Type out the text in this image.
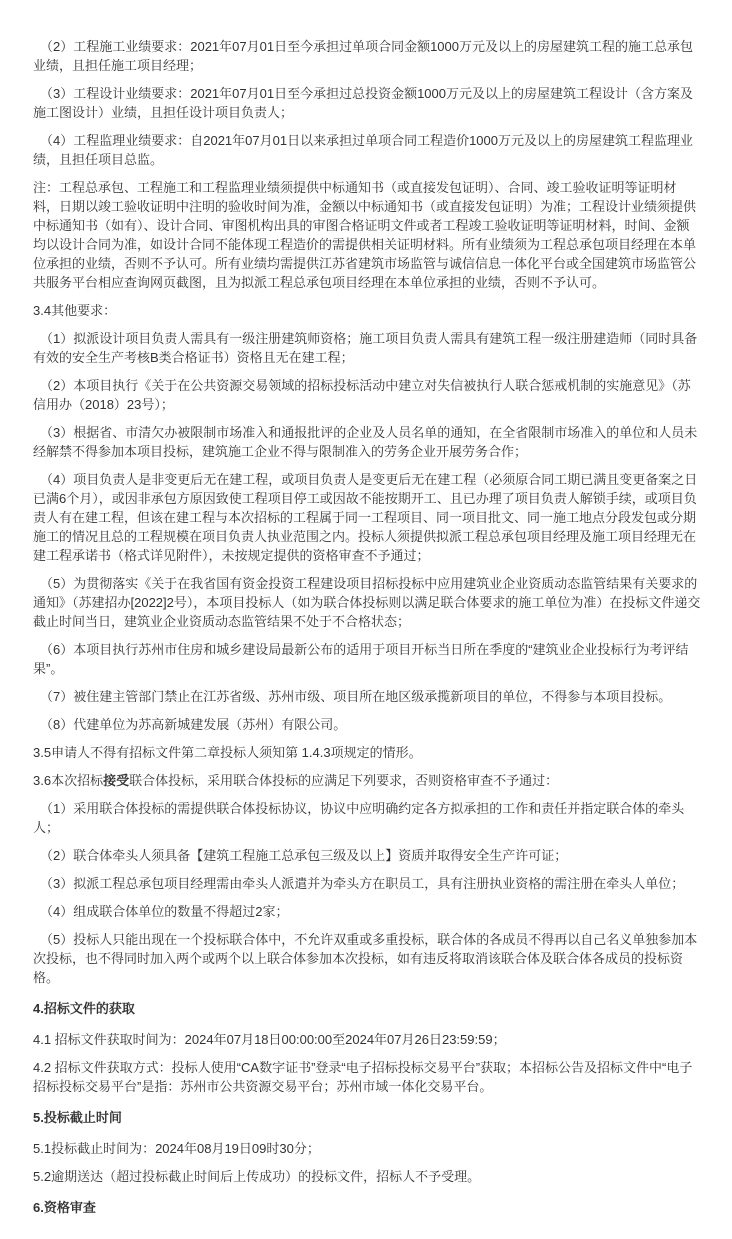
（2）工程施工业绩要求：2021年07月01日至今承担过单项合同金额1000万元及以上的房屋建筑工程的施工总承包业绩，且担任施工项目经理；

（3）工程设计业绩要求：2021年07月01日至今承担过总投资金额1000万元及以上的房屋建筑工程设计（含方案及施工图设计）业绩，且担任设计项目负责人；

（4）工程监理业绩要求：自2021年07月01日以来承担过单项合同工程造价1000万元及以上的房屋建筑工程监理业绩，且担任项目总监。

注：工程总承包、工程施工和工程监理业绩须提供中标通知书（或直接发包证明）、合同、竣工验收证明等证明材料，日期以竣工验收证明中注明的验收时间为准，金额以中标通知书（或直接发包证明）为准；工程设计业绩须提供中标通知书（如有）、设计合同、审图机构出具的审图合格证明文件或者工程竣工验收证明等证明材料，时间、金额均以设计合同为准，如设计合同不能体现工程造价的需提供相关证明材料。所有业绩须为工程总承包项目经理在本单位承担的业绩，否则不予认可。所有业绩均需提供江苏省建筑市场监管与诚信信息一体化平台或全国建筑市场监管公共服务平台相应查询网页截图，且为拟派工程总承包项目经理在本单位承担的业绩，否则不予认可。

3.4其他要求：

（1）拟派设计项目负责人需具有一级注册建筑师资格；施工项目负责人需具有建筑工程一级注册建造师（同时具备有效的安全生产考核B类合格证书）资格且无在建工程；

（2）本项目执行《关于在公共资源交易领域的招标投标活动中建立对失信被执行人联合惩戒机制的实施意见》（苏信用办（2018）23号）；

（3）根据省、市清欠办被限制市场准入和通报批评的企业及人员名单的通知，在全省限制市场准入的单位和人员未经解禁不得参加本项目投标，建筑施工企业不得与限制准入的劳务企业开展劳务合作；

（4）项目负责人是非变更后无在建工程，或项目负责人是变更后无在建工程（必须原合同工期已满且变更备案之日已满6个月），或因非承包方原因致使工程项目停工或因故不能按期开工、且已办理了项目负责人解锁手续，或项目负责人有在建工程，但该在建工程与本次招标的工程属于同一工程项目、同一项目批文、同一施工地点分段发包或分期施工的情况且总的工程规模在项目负责人执业范围之内。投标人须提供拟派工程总承包项目经理及施工项目经理无在建工程承诺书（格式详见附件），未按规定提供的资格审查不予通过；

（5）为贯彻落实《关于在我省国有资金投资工程建设项目招标投标中应用建筑业企业资质动态监管结果有关要求的通知》（苏建招办[2022]2号），本项目投标人（如为联合体投标则以满足联合体要求的施工单位为准）在投标文件递交截止时间当日，建筑业企业资质动态监管结果不处于不合格状态；

（6）本项目执行苏州市住房和城乡建设局最新公布的适用于项目开标当日所在季度的“建筑业企业投标行为考评结果”。

（7）被住建主管部门禁止在江苏省级、苏州市级、项目所在地区级承揽新项目的单位，不得参与本项目投标。

（8）代建单位为苏高新城建发展（苏州）有限公司。

3.5申请人不得有招标文件第二章投标人须知第 1.4.3项规定的情形。

3.6本次招标接受联合体投标，采用联合体投标的应满足下列要求，否则资格审查不予通过：

（1）采用联合体投标的需提供联合体投标协议，协议中应明确约定各方拟承担的工作和责任并指定联合体的牵头人；

（2）联合体牵头人须具备【建筑工程施工总承包三级及以上】资质并取得安全生产许可证；

（3）拟派工程总承包项目经理需由牵头人派遣并为牵头方在职员工，具有注册执业资格的需注册在牵头人单位；

（4）组成联合体单位的数量不得超过2家；

（5）投标人只能出现在一个投标联合体中，不允许双重或多重投标，联合体的各成员不得再以自己名义单独参加本次投标，也不得同时加入两个或两个以上联合体参加本次投标，如有违反将取消该联合体及联合体各成员的投标资格。

4.招标文件的获取

4.1 招标文件获取时间为：2024年07月18日00:00:00至2024年07月26日23:59:59；

4.2 招标文件获取方式：投标人使用“CA数字证书”登录“电子招标投标交易平台”获取；本招标公告及招标文件中“电子招标投标交易平台”是指：苏州市公共资源交易平台；苏州市域一体化交易平台。

5.投标截止时间

5.1投标截止时间为：2024年08月19日09时30分；

5.2逾期送达（超过投标截止时间后上传成功）的投标文件，招标人不予受理。

6.资格审查
